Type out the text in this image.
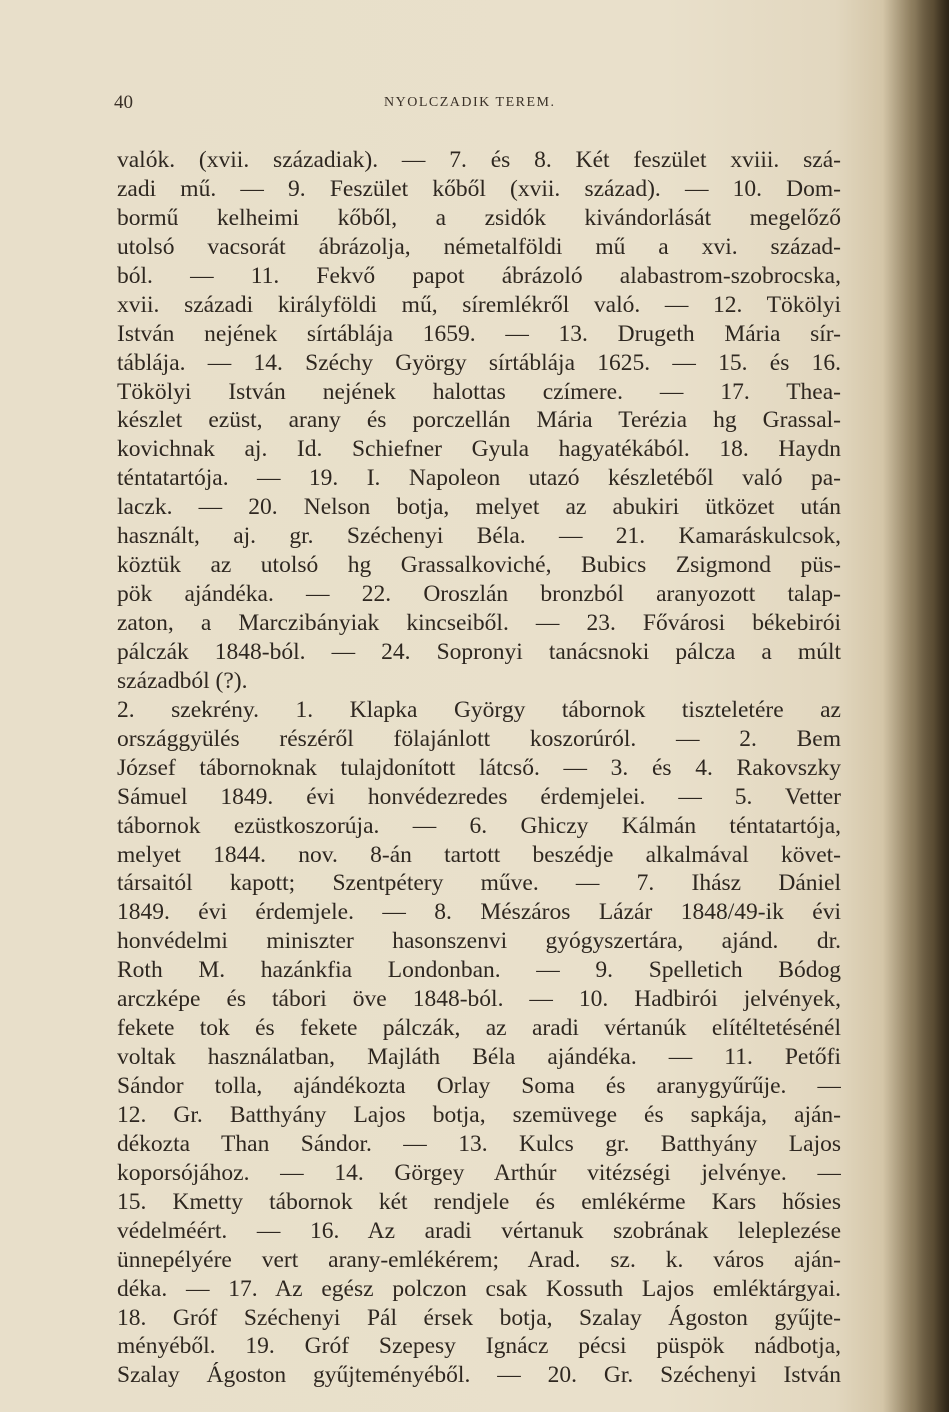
40	NYOLCZADIK TEREM.
valók. (xvii. századiak). — 7. és 8. Két feszület xviii. szá-
zadi mű. — 9. Feszület kőből (xvii. század). — 10. Dom-
bormű kelheimi kőből, a zsidók kivándorlását megelőző
utolsó vacsorát ábrázolja, németalföldi mű a xvi. század-
ból. — 11. Fekvő papot ábrázoló alabastrom-szobrocska,
xvii. századi királyföldi mű, síremlékről való. — 12. Tökölyi
István nejének sírtáblája 1659. — 13. Drugeth Mária sír-
táblája. — 14. Széchy György sírtáblája 1625. — 15. és 16.
Tökölyi István nejének halottas czímere. — 17. Thea-
készlet ezüst, arany és porczellán Mária Terézia hg Grassal-
kovichnak aj. Id. Schiefner Gyula hagyatékából. 18. Haydn
téntatartója. — 19. I. Napoleon utazó készletéből való pa-
laczk. — 20. Nelson botja, melyet az abukiri ütközet után
használt, aj. gr. Széchenyi Béla. — 21. Kamaráskulcsok,
köztük az utolsó hg Grassalkoviché, Bubics Zsigmond püs-
pök ajándéka. — 22. Oroszlán bronzból aranyozott talap-
zaton, a Marczibányiak kincseiből. — 23. Fővárosi békebirói
pálczák 1848-ból. — 24. Sopronyi tanácsnoki pálcza a múlt
századból (?).
2. szekrény. 1. Klapka György tábornok tiszteletére az
országgyülés részéről fölajánlott koszorúról. — 2. Bem
József tábornoknak tulajdonított látcső. — 3. és 4. Rakovszky
Sámuel 1849. évi honvédezredes érdemjelei. — 5. Vetter
tábornok ezüstkoszorúja. — 6. Ghiczy Kálmán téntatartója,
melyet 1844. nov. 8-án tartott beszédje alkalmával követ-
társaitól kapott; Szentpétery műve. — 7. Ihász Dániel
1849. évi érdemjele. — 8. Mészáros Lázár 1848/49-ik évi
honvédelmi miniszter hasonszenvi gyógyszertára, ajánd. dr.
Roth M. hazánkfia Londonban. — 9. Spelletich Bódog
arczképe és tábori öve 1848-ból. — 10. Hadbirói jelvények,
fekete tok és fekete pálczák, az aradi vértanúk elítéltetésénél
voltak használatban, Majláth Béla ajándéka. — 11. Petőfi
Sándor tolla, ajándékozta Orlay Soma és aranygyűrűje. —
12. Gr. Batthyány Lajos botja, szemüvege és sapkája, aján-
dékozta Than Sándor. — 13. Kulcs gr. Batthyány Lajos
koporsójához. — 14. Görgey Arthúr vitézségi jelvénye. —
15. Kmetty tábornok két rendjele és emlékérme Kars hősies
védelméért. — 16. Az aradi vértanuk szobrának leleplezése
ünnepélyére vert arany-emlékérem; Arad. sz. k. város aján-
déka. — 17. Az egész polczon csak Kossuth Lajos emléktárgyai.
18. Gróf Széchenyi Pál érsek botja, Szalay Ágoston gyűjte-
ményéből. 19. Gróf Szepesy Ignácz pécsi püspök nádbotja,
Szalay Ágoston gyűjteményéből. — 20. Gr. Széchenyi István
